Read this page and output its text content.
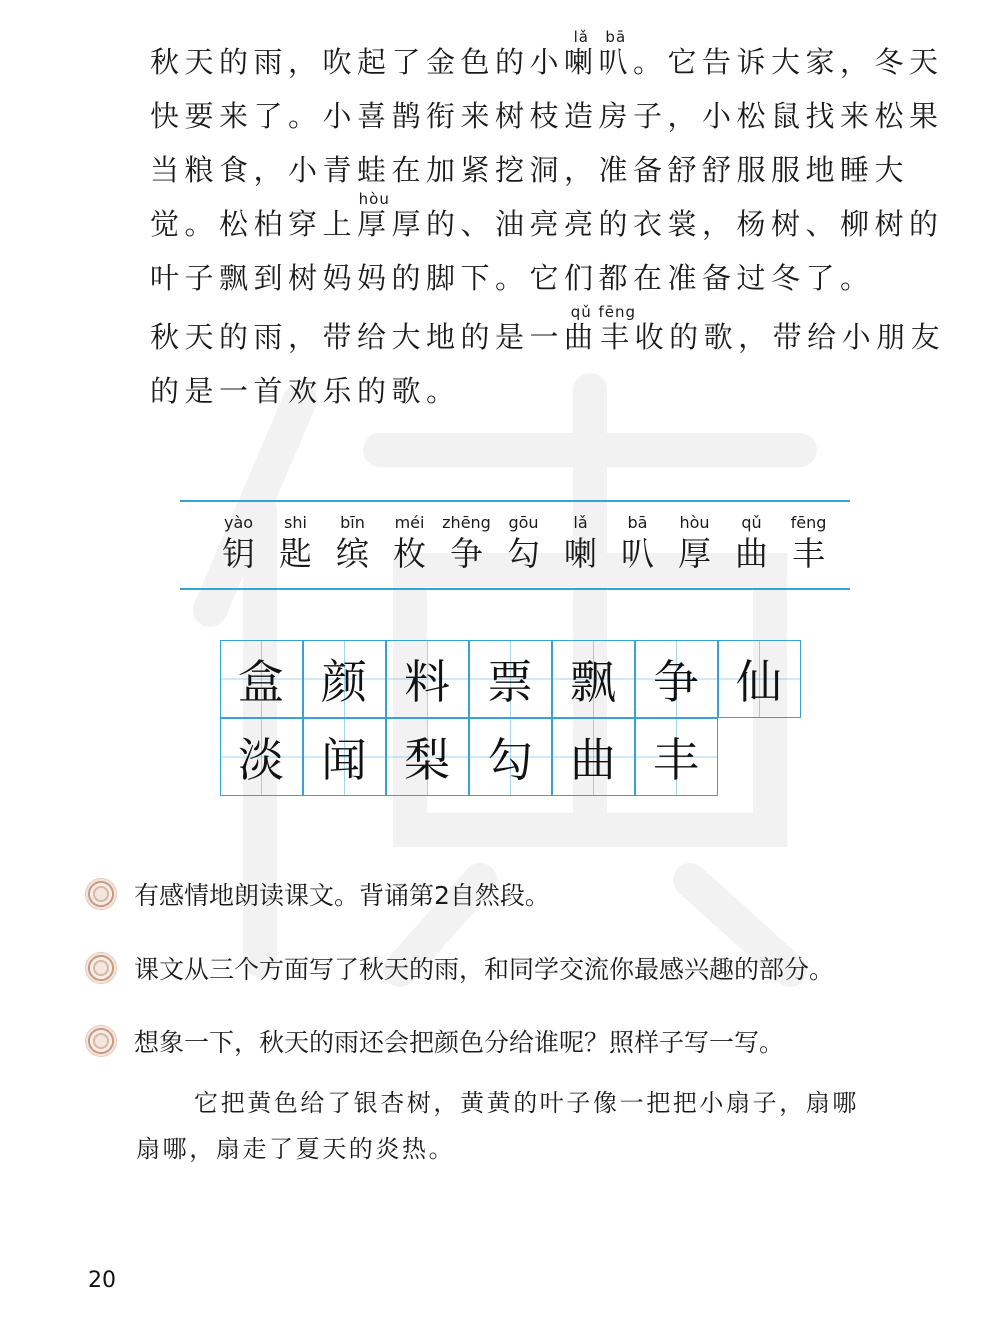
秋天的雨，吹起了金色的小喇lǎ叭bā。它告诉大家，冬天快要来了。小喜鹊衔来树枝造房子，小松鼠找来松果当粮食，小青蛙在加紧挖洞，准备舒舒服服地睡大觉。松柏穿上厚hòu厚的、油亮亮的衣裳，杨树、柳树的叶子飘到树妈妈的脚下。它们都在准备过冬了。

秋天的雨，带给大地的是一曲qǔ丰fēng收的歌，带给小朋友的是一首欢乐的歌。

yào
钥
shi
匙
bīn
缤
méi
枚
zhēng
争
gōu
勾
lǎ
喇
bā
叭
hòu
厚
qǔ
曲
fēng
丰
盒 颜 料 票 飘 争 仙
淡 闻 梨 勾 曲 丰
有感情地朗读课文。背诵第2自然段。
课文从三个方面写了秋天的雨，和同学交流你最感兴趣的部分。
想象一下，秋天的雨还会把颜色分给谁呢？照样子写一写。

它把黄色给了银杏树，黄黄的叶子像一把把小扇子，扇哪

扇哪，扇走了夏天的炎热。

20
